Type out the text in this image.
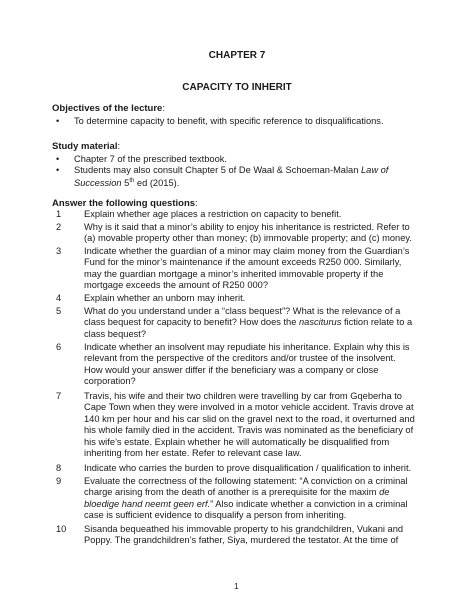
CHAPTER 7
CAPACITY TO INHERIT
Objectives of the lecture:
• To determine capacity to benefit, with specific reference to disqualifications.
Study material:
• Chapter 7 of the prescribed textbook.
• Students may also consult Chapter 5 of De Waal & Schoeman-Malan Law of
Succession 5th ed (2015).
Answer the following questions:
1	Explain whether age places a restriction on capacity to benefit.
2	Why is it said that a minor’s ability to enjoy his inheritance is restricted. Refer to
(a) movable property other than money; (b) immovable property; and (c) money.
3	Indicate whether the guardian of a minor may claim money from the Guardian’s
Fund for the minor’s maintenance if the amount exceeds R250 000. Similarly,
may the guardian mortgage a minor’s inherited immovable property if the
mortgage exceeds the amount of R250 000?
4	Explain whether an unborn may inherit.
5	What do you understand under a “class bequest”? What is the relevance of a
class bequest for capacity to benefit? How does the nasciturus fiction relate to a
class bequest?
6	Indicate whether an insolvent may repudiate his inheritance. Explain why this is
relevant from the perspective of the creditors and/or trustee of the insolvent.
How would your answer differ if the beneficiary was a company or close
corporation?
7	Travis, his wife and their two children were travelling by car from Gqeberha to
Cape Town when they were involved in a motor vehicle accident. Travis drove at
140 km per hour and his car slid on the gravel next to the road, it overturned and
his whole family died in the accident. Travis was nominated as the beneficiary of
his wife’s estate. Explain whether he will automatically be disqualified from
inheriting from her estate. Refer to relevant case law.
8	Indicate who carries the burden to prove disqualification / qualification to inherit.
9	Evaluate the correctness of the following statement: “A conviction on a criminal
charge arising from the death of another is a prerequisite for the maxim de
bloedige hand neemt geen erf.” Also indicate whether a conviction in a criminal
case is sufficient evidence to disqualify a person from inheriting.
10	Sisanda bequeathed his immovable property to his grandchildren, Vukani and
Poppy. The grandchildren’s father, Siya, murdered the testator. At the time of
1
